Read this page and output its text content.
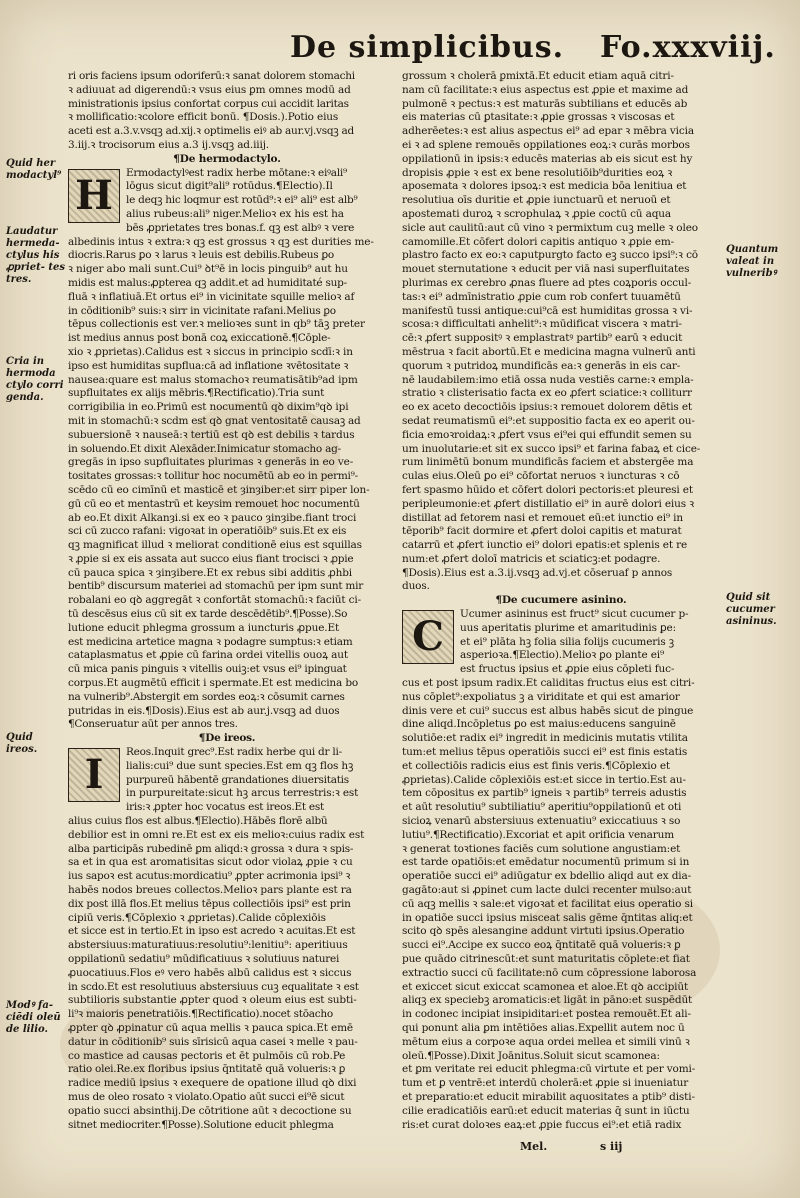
De simplicibus. Fo.xxxviij.
Quid her modactyl⁹
Laudatur hermeda- ctylus his ꝓpriet- tes tres.
Cria in hermoda ctylo corri genda.
Quid ireos.
Modꝰ fa- ciēdi oleū de lilio.
Quantum valeat in vulneribꝰ
Quid sit cucumer asininus.
ri oris faciens ipsum odoriferū:ꝛ sanat dolorem stomachi
ꝛ adiuuat ad digerendū:ꝛ vsus eius ꝑm omnes modū ad
ministrationis ipsius confortat corpus cui accidit laritas
ꝛ mollificatio:ꝛcolore efficit bonū. ¶Dosis.).Potio eius
aceti est a.3.v.vsqꝫ ad.xij.ꝛ optimelis eiꝰ ab aur.vj.vsqꝫ ad
3.iij.ꝛ trocisorum eius a.3 ij.vsqꝫ ad.iiij.
¶De hermodactylo.
H	Ermodactylꝰest radix herbe mōtane:ꝛ eiꝰali⁹
lōgus sicut digit⁹ali⁹ rotūdus.¶Electio).Il
le deqꝫ hic loqmur est rotūd⁹:ꝛ ei⁹ ali⁹ est alb⁹
alius rubeus:ali⁹ niger.Melioꝛ ex his est ha
bēs ꝓprietates tres bonas.f. qꝫ est albꝰ ꝛ vere
albedinis intus ꝛ extra:ꝛ qꝫ est grossus ꝛ qꝫ est durities me-
diocris.Rarus ꝑo ꝛ larus ꝛ leuis est debilis.Rubeus ꝑo
ꝛ niger abo mali sunt.Cui⁹ ꝺt⁹ē in locis pinguib⁹ aut hu
midis est malus:ꝓpterea qꝫ addit.et ad humiditaté sup-
fluā ꝛ inflatiuā.Et ortus ei⁹ in vicinitate squille melioꝛ af
in cōditionib⁹ suis:ꝛ sirr in vicinitate rafani.Melius ꝑo
tēpus collectionis est ver.ꝛ melioꝛes sunt in qb⁹ tāꝫ preter
ist medius annus post bonā coꝝ exiccationē.¶Cōple-
xio ꝛ ꝓprietas).Calidus est ꝛ siccus in principio scdī:ꝛ in
ipso est humiditas supflua:cā ad inflatione ꝛvētositate ꝛ
nausea:quare est malus stomachoꝛ reumatisātib⁹ad ipm
supfluitates ex alijs mēbris.¶Rectificatio).Tria sunt
corrigibilia in eo.Primū est nocumentū qꝺ dixim⁹qꝺ ipi
mit in stomachū:ꝛ scdm est qꝺ gnat ventositatē causaꝫ ad
subuersionē ꝛ nauseā:ꝛ tertiū est qꝺ est debilis ꝛ tardus
in soluendo.Et dixit Alexāder.Inimicatur stomacho ag-
gregās in ipso supfluitates plurimas ꝛ generās in eo ve-
tositates grossas:ꝛ tollitur hoc nocumētū ab eo in permi⁹-
scēdo cū eo cimīnū et masticē et ȝinȝiber:et sirr piper lon-
gū cū eo et mentastrū et keysim remouet hoc nocumentū
ab eo.Et dixit Alkanȝi.si ex eo ꝛ pauco ȝinȝibe.fiant troci
sci cū zucco rafani: vigoꝛat in operatiōib⁹ suis.Et ex eis
qꝫ magnificat illud ꝛ meliorat conditionē eius est squillas
ꝛ ꝓpie si ex eis assata aut succo eius fiant trocisci ꝛ ꝓpie
cū pauca spica ꝛ ȝinȝibere.Et ex rebus sibi additis ꝓhbi
bentib⁹ discursum materiei ad stomachū per ipm sunt mir
robalani eo qꝺ aggregāt ꝛ confortāt stomachū:ꝛ faciūt ci-
tū descēsus eius cū sit ex tarde descēdētib⁹.¶Posse).So
lutione educit phlegma grossum a iuncturis ꝓpue.Et
est medicina artetice magna ꝛ podagre sumptus:ꝛ etiam
cataplasmatus et ꝓpie cū farina ordei vitellis ouoꝝ aut
cū mica panis pinguis ꝛ vitellis ouiꝫ:et vsus ei⁹ ipinguat
corpus.Et augmētū efficit i spermate.Et est medicina bo
na vulnerib⁹.Abstergit em sordes eoꝝ:ꝛ cōsumit carnes
putridas in eis.¶Dosis).Eius est ab aur.j.vsqꝫ ad duos
¶Conseruatur aūt per annos tres.
¶De ireos.
I	Reos.Inquit grec⁹.Est radix herbe qui dr li-
lialis:cui⁹ due sunt species.Est em qꝫ flos hꝫ
purpureū hābentē grandationes diuersitatis
in purpureitate:sicut hꝫ arcus terrestris:ꝛ est
iris:ꝛ ꝓpter hoc vocatus est ireos.Et est
alius cuius flos est albus.¶Electio).Hābēs florē albū
debilior est in omni re.Et est ex eis melioꝛ:cuius radix est
alba participās rubedinē ꝑm aliqd:ꝛ grossa ꝛ dura ꝛ spis-
sa et in qua est aromatisitas sicut odor violaꝝ ꝓpie ꝛ cu
ius sapoꝛ est acutus:mordicatiu⁹ ꝓpter acrimonia ipsi⁹ ꝛ
habēs nodos breues collectos.Melioꝛ pars plante est ra
dix post illā flos.Et melius tēpus collectiōis ipsi⁹ est prin
cipiū veris.¶Cōplexio ꝛ ꝓprietas).Calide cōplexiōis
et sicce est in tertio.Et in ipso est acredo ꝛ acuitas.Et est
abstersiuus:maturatiuus:resolutiu⁹:lenitiu⁹: aperitiuus
oppilationū sedatiu⁹ mūdificatiuus ꝛ solutiuus naturei
ꝓuocatiuus.Flos eꝰ vero habēs albū calidus est ꝛ siccus
in scdo.Et est resolutiuus abstersiuus cuꝫ equalitate ꝛ est
subtilioris substantie ꝓpter quod ꝛ oleum eius est subti-
li⁹ꝛ maioris penetratiōis.¶Rectificatio).nocet stōacho
ꝓpter qꝺ ꝓpinatur cū aqua mellis ꝛ pauca spica.Et emē
datur in cōditionib⁹ suis sīrisicū aqua casei ꝛ melle ꝛ pau-
co mastice ad causas pectoris et ēt pulmōis cū rob.Pe
ratio olei.Re.ex floribus ipsius q̄ntitatē quā volueris:ꝛ ꝑ
radice mediū ipsius ꝛ exequere de opatione illud qꝺ dixi
mus de oleo rosato ꝛ violato.Opatio aūt succi ei⁹ē sicut
opatio succi absinthij.De cōtritione aūt ꝛ decoctione su
sitnet mediocriter.¶Posse).Solutione educit phlegma
grossum ꝛ cholerā ꝑmixtā.Et educit etiam aquā citri-
nam cū facilitate:ꝛ eius aspectus est ꝓpie et maxime ad
pulmonē ꝛ pectus:ꝛ est maturās subtilians et educēs ab
eis materias cū ꝑtasitate:ꝛ ꝓpie grossas ꝛ viscosas et
adherēetes:ꝛ est alius aspectus ei⁹ ad epar ꝛ mēbra vicia
ei ꝛ ad splene remouēs oppilationes eoꝝ:ꝛ curās morbos
oppilationū in ipsis:ꝛ educēs materias ab eis sicut est hy
dropisis ꝓpie ꝛ est ex bene resolutiōib⁹durities eoꝝ ꝛ
aposemata ꝛ dolores ipsoꝝ:ꝛ est medicia bōa lenitiua et
resolutiua oīs duritie et ꝓpie iunctuarū et neruoū et
apostemati duroꝝ ꝛ scrophulaꝝ ꝛ ꝓpie coctū cū aqua
sicle aut caulitū:aut cū vino ꝛ permixtum cuꝫ melle ꝛ oleo
camomille.Et cōfert dolori capitis antiquo ꝛ ꝓpie em-
plastro facto ex eo:ꝛ caputpurgto facto eꝫ succo ipsi⁹:ꝛ cō
mouet sternutatione ꝛ educit per viā nasi superfluitates
plurimas ex cerebro ꝓnas fluere ad ptes coꝝporis occul-
tas:ꝛ ei⁹ admīnistratio ꝓpie cum rob confert tuuamētū
manifestū tussi antique:cui⁹cā est humiditas grossa ꝛ vi-
scosa:ꝛ difficultati anhelit⁹:ꝛ mūdificat viscera ꝛ matri-
cē:ꝛ ꝓfert suppositꝰ ꝛ emplastratꝰ partib⁹ earū ꝛ educit
mēstrua ꝛ facit abortū.Et e medicina magna vulnerū anti
quorum ꝛ putridoꝝ mundificās ea:ꝛ generās in eis car-
nē laudabilem:imo etiā ossa nuda vestiēs carne:ꝛ empla-
stratio ꝛ clisterisatio facta ex eo ꝓfert sciatice:ꝛ colliturr
eo ex aceto decoctiōis ipsius:ꝛ remouet dolorem dētis et
sedat reumatismū ei⁹:et suppositio facta ex eo aperit ou-
ficia emoꝛroidaꝝ:ꝛ ꝓfert vsus ei⁹ei qui effundit semen su
um inuolutarie:et sit ex succo ipsi⁹ et farina fabaꝝ et cice-
rum linimētū bonum mundificās faciem et abstergēe ma
culas eius.Oleū ꝑo ei⁹ cōfortat neruos ꝛ iuncturas ꝛ cō
fert spasmo hūido et cōfert dolori pectoris:et pleuresi et
peripleumonie:et ꝓfert distillatio ei⁹ in aurē dolori eius ꝛ
distillat ad fetorem nasi et remouet eū:et iunctio ei⁹ in
tēporib⁹ facit dormire et ꝓfert doloi capitis et maturat
catarrū et ꝓfert iunctio ei⁹ dolori epatis:et splenis et re
num:et ꝓfert doloī matricis et sciaticꝫ:et podagre.
¶Dosis).Eius est a.3.ij.vsqꝫ ad.vj.et cōseruaf p annos
duos.
¶De cucumere asinino.
C	Ucumer asininus est fruct⁹ sicut cucumer p-
uus aperitatis plurime et amaritudinis ꝑe:
et ei⁹ plāta hꝫ folia silia folijs cucumeris ꝫ
asperioꝛa.¶Electio).Melioꝛ ꝑo plante ei⁹
est fructus ipsius et ꝓpie eius cōpleti fuc-
cus et post ipsum radix.Et caliditas fructus eius est citri-
nus cōplet⁹:expoliatus ꝫ a viriditate et qui est amarior
dinis vere et cui⁹ succus est albus habēs sicut de pingue
dine aliqd.Incōpletus ꝑo est maius:educens sanguinē
solutiōe:et radix ei⁹ ingredit in medicinis mutatis vtilita
tum:et melius tēpus operatiōis succi ei⁹ est finis estatis
et collectiōis radicis eius est finis veris.¶Cōplexio et
ꝓprietas).Calide cōplexiōis est:et sicce in tertio.Est au-
tem cōpositus ex partib⁹ igneis ꝛ partib⁹ terreis adustis
et aūt resolutiu⁹ subtiliatiu⁹ aperitiu⁹oppilationū et oti
sicioꝝ venarū abstersiuus extenuatiu⁹ exiccatiuus ꝛ so
lutiu⁹.¶Rectificatio).Excoriat et apit orificia venarum
ꝛ generat toꝛtiones faciēs cum solutione angustiam:et
est tarde opatiōis:et emēdatur nocumentū primum si in
operatiōe succi ei⁹ adiūgatur ex bdellio aliqd aut ex dia-
gagāto:aut si ꝓpinet cum lacte dulci recenter mulso:aut
cū aqꝫ mellis ꝛ sale:et vigoꝛat et facilitat eius operatio si
in opatiōe succi ipsius misceat salis gēme q̄ntitas aliq:et
scito qꝺ spēs alesangine addunt virtuti ipsius.Operatio
succi ei⁹.Accipe ex succo eoꝝ q̄ntitatē quā volueris:ꝛ ꝑ
pue quādo citrinescūt:et sunt maturitatis cōplete:et fiat
extractio succi cū facilitate:nō cum cōpressione laborosa
et exiccet sicut exiccat scamonea et aloe.Et qꝺ accipiūt
aliqꝫ ex speciebꝫ aromaticis:et ligāt in pāno:et suspēdūt
in codonec incipiat insipiditari:et postea remouēt.Et ali-
qui ponunt alia ꝑm intētiōes alias.Expellit autem noc ū
mētum eius a corpoꝛe aqua ordei mellea et simili vinū ꝛ
oleū.¶Posse).Dixit Joānitus.Soluit sicut scamonea:
et ꝑm veritate rei educit phlegma:cū virtute et per vomi-
tum et ꝑ ventrē:et interdū cholerā:et ꝓpie si inueniatur
et preparatio:et educit mirabilit aquositates a ptib⁹ disti-
cilie eradicatiōis earū:et educit materias q̄ sunt in iūctu
ris:et curat doloꝛes eaꝝ:et ꝓpie fuccus ei⁹:et etiā radix
Mel.	s iij
